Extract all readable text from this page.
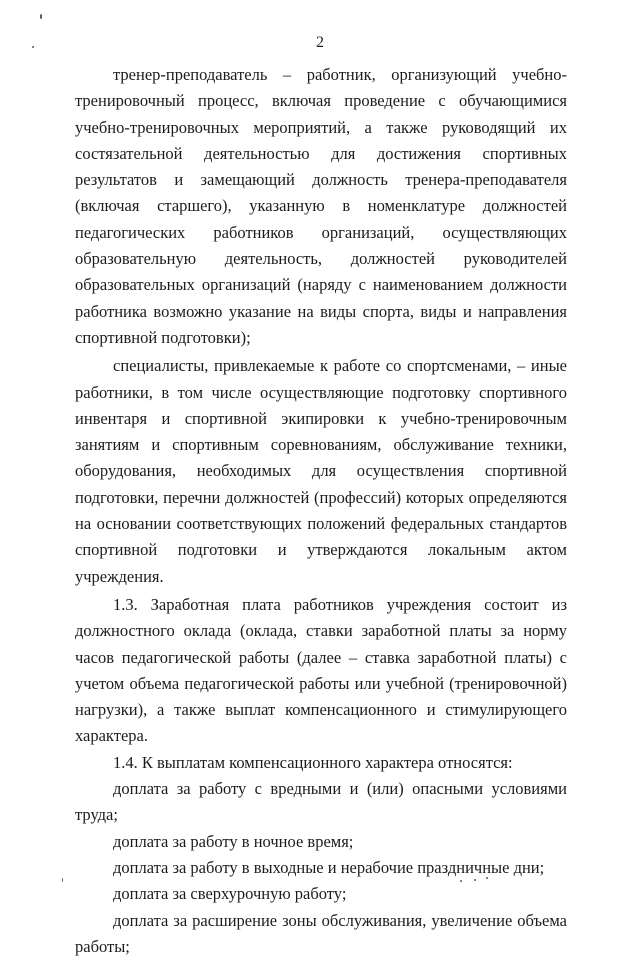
2

тренер-преподаватель – работник, организующий учебно-тренировочный процесс, включая проведение с обучающимися учебно-тренировочных мероприятий, а также руководящий их состязательной деятельностью для достижения спортивных результатов и замещающий должность тренера-преподавателя (включая старшего), указанную в номенклатуре должностей педагогических работников организаций, осуществляющих образовательную деятельность, должностей руководителей образовательных организаций (наряду с наименованием должности работника возможно указание на виды спорта, виды и направления спортивной подготовки);

специалисты, привлекаемые к работе со спортсменами, – иные работники, в том числе осуществляющие подготовку спортивного инвентаря и спортивной экипировки к учебно-тренировочным занятиям и спортивным соревнованиям, обслуживание техники, оборудования, необходимых для осуществления спортивной подготовки, перечни должностей (профессий) которых определяются на основании соответствующих положений федеральных стандартов спортивной подготовки и утверждаются локальным актом учреждения.

1.3. Заработная плата работников учреждения состоит из должностного оклада (оклада, ставки заработной платы за норму часов педагогической работы (далее – ставка заработной платы) с учетом объема педагогической работы или учебной (тренировочной) нагрузки), а также выплат компенсационного и стимулирующего характера.

1.4. К выплатам компенсационного характера относятся:

доплата за работу с вредными и (или) опасными условиями труда;

доплата за работу в ночное время;

доплата за работу в выходные и нерабочие праздничные дни;

доплата за сверхурочную работу;

доплата за расширение зоны обслуживания, увеличение объема работы;
